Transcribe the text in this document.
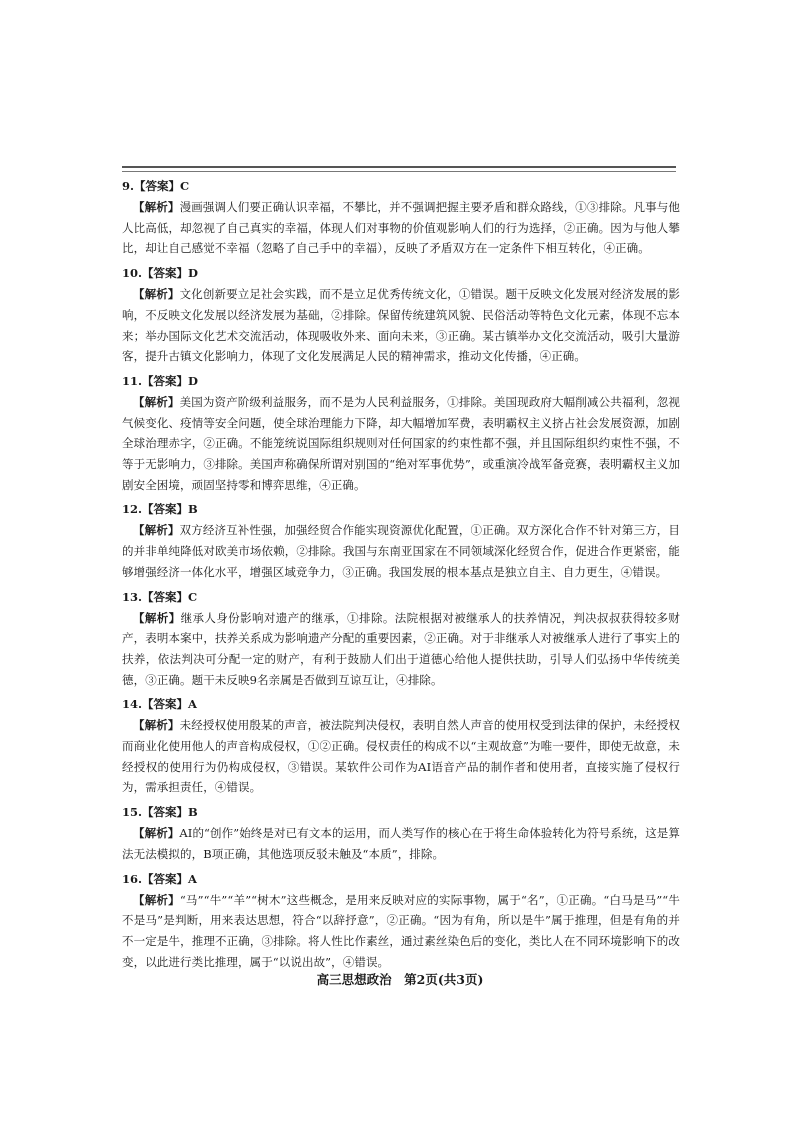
9.【答案】C

【解析】漫画强调人们要正确认识幸福，不攀比，并不强调把握主要矛盾和群众路线，①③排除。凡事与他人比高低，却忽视了自己真实的幸福，体现人们对事物的价值观影响人们的行为选择，②正确。因为与他人攀比，却让自己感觉不幸福（忽略了自己手中的幸福），反映了矛盾双方在一定条件下相互转化，④正确。

10.【答案】D

【解析】文化创新要立足社会实践，而不是立足优秀传统文化，①错误。题干反映文化发展对经济发展的影响，不反映文化发展以经济发展为基础，②排除。保留传统建筑风貌、民俗活动等特色文化元素，体现不忘本来；举办国际文化艺术交流活动，体现吸收外来、面向未来，③正确。某古镇举办文化交流活动，吸引大量游客，提升古镇文化影响力，体现了文化发展满足人民的精神需求，推动文化传播，④正确。

11.【答案】D

【解析】美国为资产阶级利益服务，而不是为人民利益服务，①排除。美国现政府大幅削减公共福利，忽视气候变化、疫情等安全问题，使全球治理能力下降，却大幅增加军费，表明霸权主义挤占社会发展资源，加剧全球治理赤字，②正确。不能笼统说国际组织规则对任何国家的约束性都不强，并且国际组织约束性不强，不等于无影响力，③排除。美国声称确保所谓对别国的“绝对军事优势”，或重演冷战军备竞赛，表明霸权主义加剧安全困境，顽固坚持零和博弈思维，④正确。

12.【答案】B

【解析】双方经济互补性强，加强经贸合作能实现资源优化配置，①正确。双方深化合作不针对第三方，目的并非单纯降低对欧美市场依赖，②排除。我国与东南亚国家在不同领域深化经贸合作，促进合作更紧密，能够增强经济一体化水平，增强区域竞争力，③正确。我国发展的根本基点是独立自主、自力更生，④错误。

13.【答案】C

【解析】继承人身份影响对遗产的继承，①排除。法院根据对被继承人的扶养情况，判决叔叔获得较多财产，表明本案中，扶养关系成为影响遗产分配的重要因素，②正确。对于非继承人对被继承人进行了事实上的扶养，依法判决可分配一定的财产，有利于鼓励人们出于道德心给他人提供扶助，引导人们弘扬中华传统美德，③正确。题干未反映9名亲属是否做到互谅互让，④排除。

14.【答案】A

【解析】未经授权使用殷某的声音，被法院判决侵权，表明自然人声音的使用权受到法律的保护，未经授权而商业化使用他人的声音构成侵权，①②正确。侵权责任的构成不以“主观故意”为唯一要件，即使无故意，未经授权的使用行为仍构成侵权，③错误。某软件公司作为AI语音产品的制作者和使用者，直接实施了侵权行为，需承担责任，④错误。

15.【答案】B

【解析】AI的“创作”始终是对已有文本的运用，而人类写作的核心在于将生命体验转化为符号系统，这是算法无法模拟的，B项正确，其他选项反驳未触及“本质”，排除。

16.【答案】A

【解析】“马”“牛”“羊”“树木”这些概念，是用来反映对应的实际事物，属于“名”，①正确。“白马是马”“牛不是马”是判断，用来表达思想，符合“以辞抒意”，②正确。“因为有角，所以是牛”属于推理，但是有角的并不一定是牛，推理不正确，③排除。将人性比作素丝，通过素丝染色后的变化，类比人在不同环境影响下的改变，以此进行类比推理，属于“以说出故”，④错误。

高三思想政治  第2页(共3页)
